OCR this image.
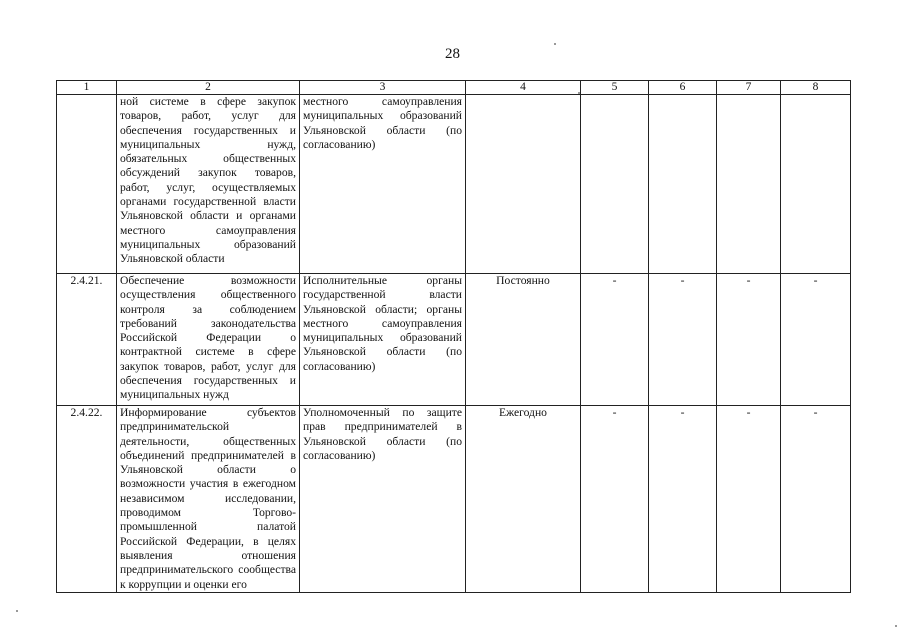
28
1	2	3	4	5	6	7	8
	ной системе в сфере закупок товаров, работ, услуг для обеспечения государственных и муниципальных нужд, обязательных общественных обсуждений закупок товаров, работ, услуг, осуществляемых органами государственной власти Ульяновской области и органами местного самоуправления муниципальных образований Ульяновской области	местного самоуправления муниципальных образований Ульяновской области (по согласованию)					
2.4.21.	Обеспечение возможности осуществления общественного контроля за соблюдением требований законодательства Российской Федерации о контрактной системе в сфере закупок товаров, работ, услуг для обеспечения государственных и муниципальных нужд	Исполнительные органы государственной власти Ульяновской области; органы местного самоуправления муниципальных образований Ульяновской области (по согласованию)	Постоянно	-	-	-	-
2.4.22.	Информирование субъектов предпринимательской деятельности, общественных объединений предпринимателей в Ульяновской области о возможности участия в ежегодном независимом исследовании, проводимом Торгово-промышленной палатой Российской Федерации, в целях выявления отношения предпринимательского сообщества к коррупции и оценки его	Уполномоченный по защите прав предпринимателей в Ульяновской области (по согласованию)	Ежегодно	-	-	-	-
